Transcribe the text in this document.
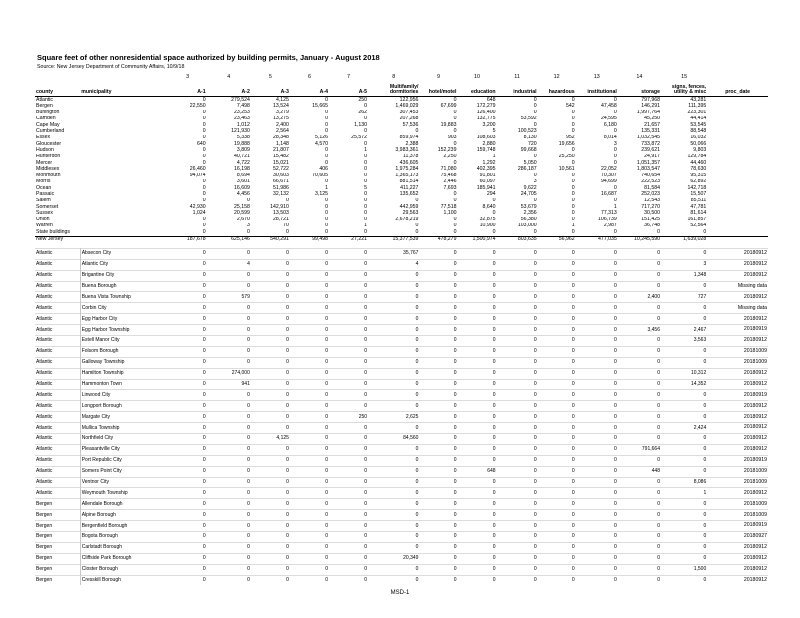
Square feet of other nonresidential space authorized by building permits, January - August 2018
Source: New Jersey Department of Community Affairs, 10/9/18
		3	4	5	6	7	8	9	10	11	12	13	14	15	
county	municipality	A-1	A-2	A-3	A-4	A-5	Multifamily/ dormitories	hotel/motel	education	industrial	hazardous	institutional	storage	signs, fences, utility & misc	proc_date
Atlantic		0	279,524	4,125	0	250	122,956	0	648	0	0	0	797,968	43,281	
Bergen		22,550	7,498	13,524	15,665	0	1,469,029	67,699	172,279	0	542	47,458	146,291	111,395	
Burlington		0	23,253	3,279	0	262	307,453	0	126,400	0	0	0	1,997,764	223,301	
Camden		0	23,463	13,275	0	0	207,268	0	132,775	53,592	0	24,595	45,250	44,414	
Cape May		0	1,012	2,400	0	1,130	57,536	19,883	3,200	0	0	6,180	21,657	53,545	
Cumberland		0	121,930	2,564	0	0	0	0	5	100,523	0	0	135,331	88,548	
Essex		0	5,338	28,348	5,126	25,572	859,974	903	108,603	8,130	952	8,014	1,032,545	16,032	
Gloucester		640	19,888	1,148	4,570	0	2,388	0	2,880	720	19,656	3	733,872	50,066	
Hudson		0	3,809	21,807	0	1	3,983,361	152,239	159,748	99,668	0	0	239,621	9,803	
Hunterdon		0	40,721	15,482	0	0	11,378	2,250	1	0	25,250	0	24,917	129,784	
Mercer		0	4,722	15,021	0	0	436,605	0	1,292	5,050	0	0	1,051,357	44,460	
Middlesex		26,460	16,198	52,722	406	0	1,975,284	71,080	402,395	286,187	10,561	22,052	1,803,547	78,630	
Monmouth		94,074	8,694	30,603	70,605	0	1,365,173	75,468	91,801	0	0	70,307	740,654	95,315	
Morris		0	3,601	66,671	0	0	881,514	2,446	60,097	3	0	94,699	222,523	62,892	
Ocean		0	16,609	51,986	1	5	411,227	7,693	185,941	9,622	0	0	81,584	142,718	
Passaic		0	4,456	32,132	3,125	0	135,652	0	294	24,705	0	16,687	252,023	15,507	
Salem		0	0	0	0	0	0	0	0	0	0	0	12,543	85,511	
Somerset		42,930	25,158	142,910	0	0	442,959	77,518	8,640	53,679	0	1	717,270	47,781	
Sussex		1,024	20,599	13,503	0	0	29,563	1,100	0	2,356	0	77,313	30,500	81,614	
Union		0	2,670	28,721	0	0	2,678,219	0	32,875	56,380	0	106,739	151,425	161,857	
Warren		0	3	70	0	1	0	0	10,900	103,000	1	2,987	36,748	52,564	
State buildings		0	0	0	0	0	0	0	0	0	0	0	0	0	
New Jersey		187,678	625,146	540,291	99,498	27,221	15,377,539	478,279	1,500,974	803,635	56,962	477,035	10,245,590	1,639,028	

Atlantic	Absecon City	0	0	0	0	0	35,767	0	0	0	0	0	0	0	20180912
Atlantic	Atlantic City	0	4	0	0	0	4	0	0	0	0	0	0	3	20180912
Atlantic	Brigantine City	0	0	0	0	0	0	0	0	0	0	0	0	1,348	20180912
Atlantic	Buena Borough	0	0	0	0	0	0	0	0	0	0	0	0	0	Missing data
Atlantic	Buena Vista Township	0	579	0	0	0	0	0	0	0	0	0	2,400	727	20180912
Atlantic	Corbin City	0	0	0	0	0	0	0	0	0	0	0	0	0	Missing data
Atlantic	Egg Harbor City	0	0	0	0	0	0	0	0	0	0	0	0	0	20180912
Atlantic	Egg Harbor Township	0	0	0	0	0	0	0	0	0	0	0	3,456	2,467	20180919
Atlantic	Estell Manor City	0	0	0	0	0	0	0	0	0	0	0	0	3,563	20180912
Atlantic	Folsom Borough	0	0	0	0	0	0	0	0	0	0	0	0	0	20181009
Atlantic	Galloway Township	0	0	0	0	0	0	0	0	0	0	0	0	0	20181009
Atlantic	Hamilton Township	0	274,000	0	0	0	0	0	0	0	0	0	0	10,312	20180912
Atlantic	Hammonton Town	0	941	0	0	0	0	0	0	0	0	0	0	14,352	20180912
Atlantic	Linwood City	0	0	0	0	0	0	0	0	0	0	0	0	0	20180919
Atlantic	Longport Borough	0	0	0	0	0	0	0	0	0	0	0	0	0	20180912
Atlantic	Margate City	0	0	0	0	250	2,625	0	0	0	0	0	0	0	20180912
Atlantic	Mullica Township	0	0	0	0	0	0	0	0	0	0	0	0	2,424	20180912
Atlantic	Northfield City	0	0	4,125	0	0	84,560	0	0	0	0	0	0	0	20180912
Atlantic	Pleasantville City	0	0	0	0	0	0	0	0	0	0	0	791,664	0	20180912
Atlantic	Port Republic City	0	0	0	0	0	0	0	0	0	0	0	0	0	20180919
Atlantic	Somers Point City	0	0	0	0	0	0	0	648	0	0	0	448	0	20181009
Atlantic	Ventnor City	0	0	0	0	0	0	0	0	0	0	0	0	8,086	20181009
Atlantic	Weymouth Township	0	0	0	0	0	0	0	0	0	0	0	0	1	20180912
Bergen	Allendale Borough	0	0	0	0	0	0	0	0	0	0	0	0	0	20181009
Bergen	Alpine Borough	0	0	0	0	0	0	0	0	0	0	0	0	0	20181009
Bergen	Bergenfield Borough	0	0	0	0	0	0	0	0	0	0	0	0	0	20180919
Bergen	Bogota Borough	0	0	0	0	0	0	0	0	0	0	0	0	0	20180927
Bergen	Carlstadt Borough	0	0	0	0	0	0	0	0	0	0	0	0	0	20180912
Bergen	Cliffside Park Borough	0	0	0	0	0	20,349	0	0	0	0	0	0	0	20180912
Bergen	Closter Borough	0	0	0	0	0	0	0	0	0	0	0	0	1,500	20180912
Bergen	Cresskill Borough	0	0	0	0	0	0	0	0	0	0	0	0	0	20180912
MSD-1
